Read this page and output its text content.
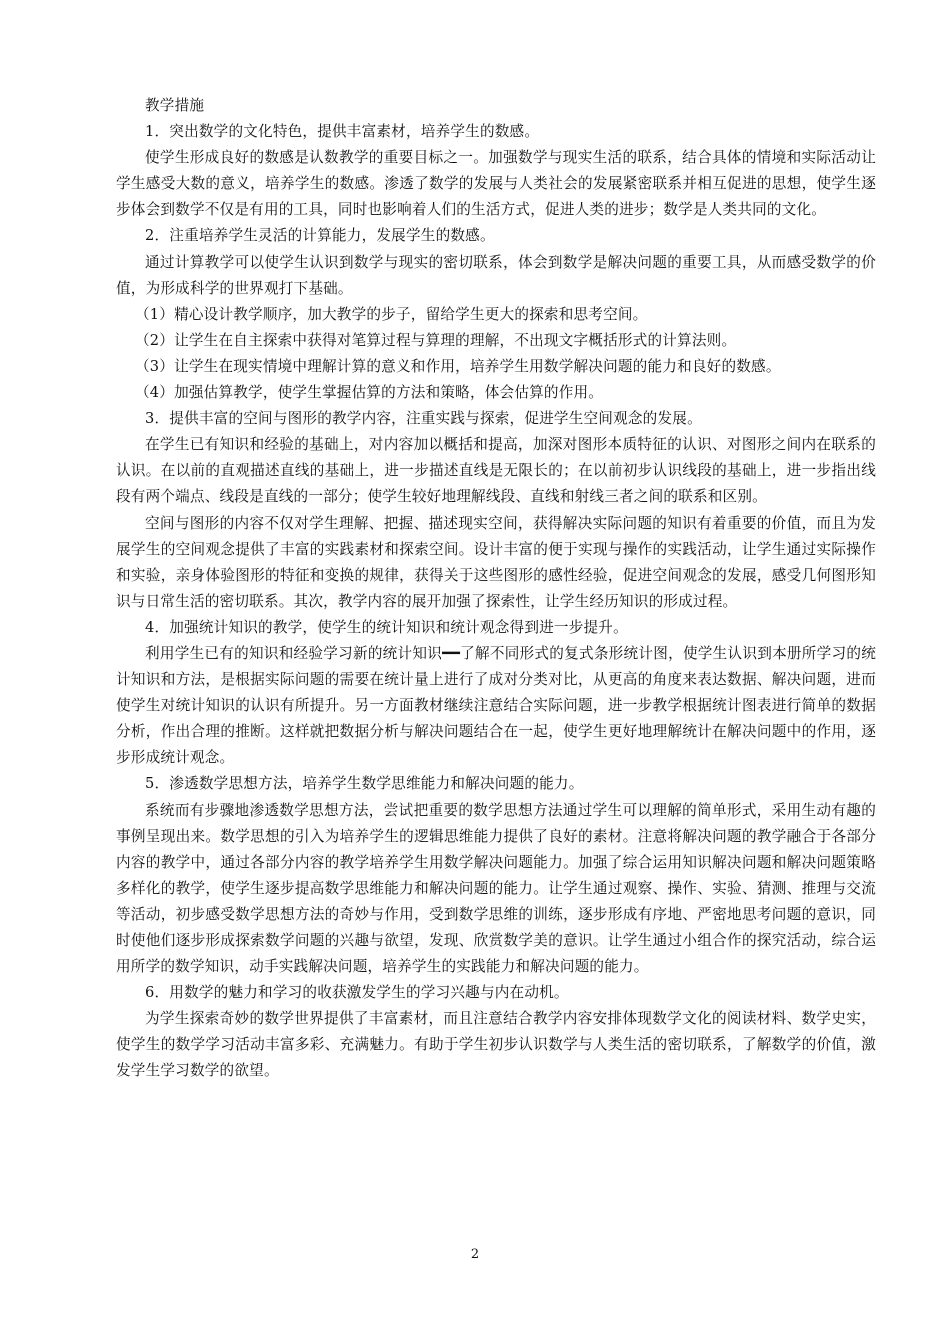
教学措施

1．突出数学的文化特色，提供丰富素材，培养学生的数感。

使学生形成良好的数感是认数教学的重要目标之一。加强数学与现实生活的联系，结合具体的情境和实际活动让学生感受大数的意义，培养学生的数感。渗透了数学的发展与人类社会的发展紧密联系并相互促进的思想，使学生逐步体会到数学不仅是有用的工具，同时也影响着人们的生活方式，促进人类的进步；数学是人类共同的文化。

2．注重培养学生灵活的计算能力，发展学生的数感。

通过计算教学可以使学生认识到数学与现实的密切联系，体会到数学是解决问题的重要工具，从而感受数学的价值，为形成科学的世界观打下基础。

（1）精心设计教学顺序，加大教学的步子，留给学生更大的探索和思考空间。

（2）让学生在自主探索中获得对笔算过程与算理的理解，不出现文字概括形式的计算法则。

（3）让学生在现实情境中理解计算的意义和作用，培养学生用数学解决问题的能力和良好的数感。

（4）加强估算教学，使学生掌握估算的方法和策略，体会估算的作用。

3．提供丰富的空间与图形的教学内容，注重实践与探索，促进学生空间观念的发展。

在学生已有知识和经验的基础上，对内容加以概括和提高，加深对图形本质特征的认识、对图形之间内在联系的认识。在以前的直观描述直线的基础上，进一步描述直线是无限长的；在以前初步认识线段的基础上，进一步指出线段有两个端点、线段是直线的一部分；使学生较好地理解线段、直线和射线三者之间的联系和区别。

空间与图形的内容不仅对学生理解、把握、描述现实空间，获得解决实际问题的知识有着重要的价值，而且为发展学生的空间观念提供了丰富的实践素材和探索空间。设计丰富的便于实现与操作的实践活动，让学生通过实际操作和实验，亲身体验图形的特征和变换的规律，获得关于这些图形的感性经验，促进空间观念的发展，感受几何图形知识与日常生活的密切联系。其次，教学内容的展开加强了探索性，让学生经历知识的形成过程。

4．加强统计知识的教学，使学生的统计知识和统计观念得到进一步提升。

利用学生已有的知识和经验学习新的统计知识━━了解不同形式的复式条形统计图，使学生认识到本册所学习的统计知识和方法，是根据实际问题的需要在统计量上进行了成对分类对比，从更高的角度来表达数据、解决问题，进而使学生对统计知识的认识有所提升。另一方面教材继续注意结合实际问题，进一步教学根据统计图表进行简单的数据分析，作出合理的推断。这样就把数据分析与解决问题结合在一起，使学生更好地理解统计在解决问题中的作用，逐步形成统计观念。

5．渗透数学思想方法，培养学生数学思维能力和解决问题的能力。

系统而有步骤地渗透数学思想方法，尝试把重要的数学思想方法通过学生可以理解的简单形式，采用生动有趣的事例呈现出来。数学思想的引入为培养学生的逻辑思维能力提供了良好的素材。注意将解决问题的教学融合于各部分内容的教学中，通过各部分内容的教学培养学生用数学解决问题能力。加强了综合运用知识解决问题和解决问题策略多样化的教学，使学生逐步提高数学思维能力和解决问题的能力。让学生通过观察、操作、实验、猜测、推理与交流等活动，初步感受数学思想方法的奇妙与作用，受到数学思维的训练，逐步形成有序地、严密地思考问题的意识，同时使他们逐步形成探索数学问题的兴趣与欲望，发现、欣赏数学美的意识。让学生通过小组合作的探究活动，综合运用所学的数学知识，动手实践解决问题，培养学生的实践能力和解决问题的能力。

6．用数学的魅力和学习的收获激发学生的学习兴趣与内在动机。

为学生探索奇妙的数学世界提供了丰富素材，而且注意结合教学内容安排体现数学文化的阅读材料、数学史实，使学生的数学学习活动丰富多彩、充满魅力。有助于学生初步认识数学与人类生活的密切联系，了解数学的价值，激发学生学习数学的欲望。

2
